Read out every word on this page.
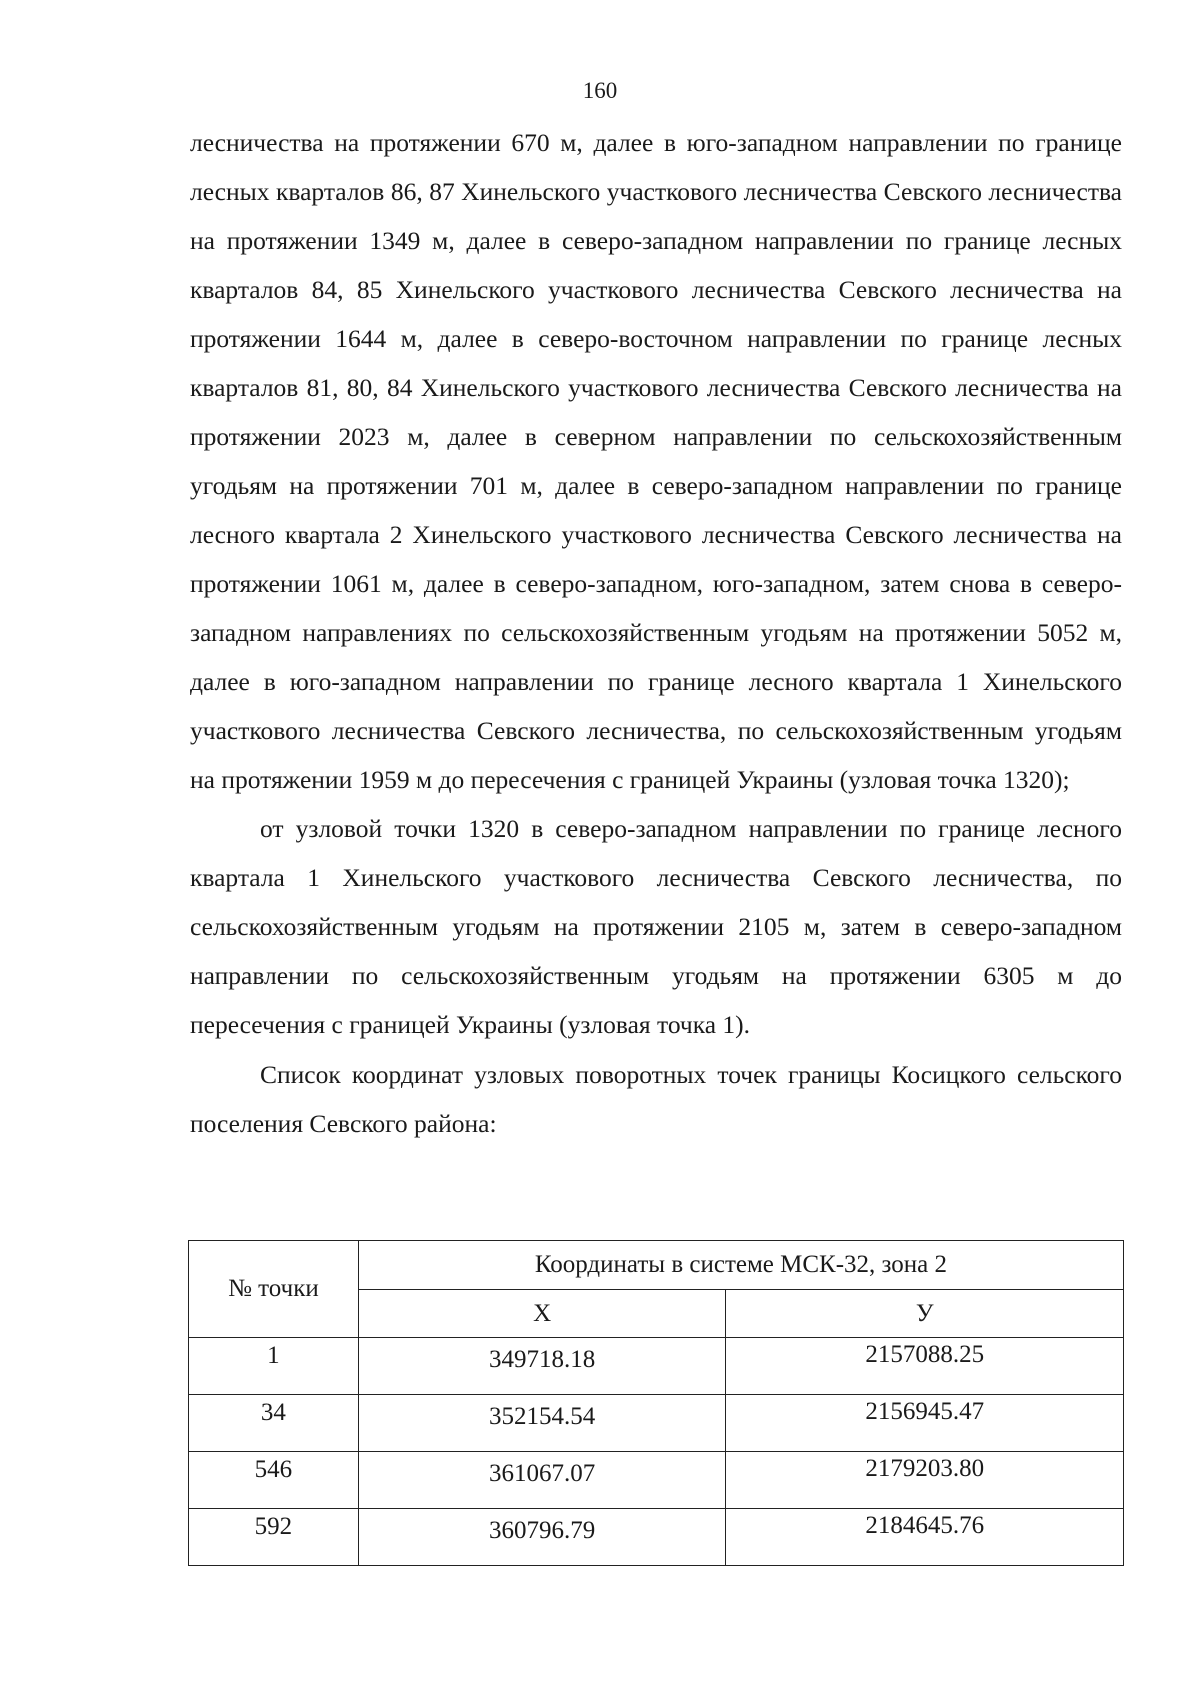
160

лесничества на протяжении 670 м, далее в юго-западном направлении по границе лесных кварталов 86, 87 Хинельского участкового лесничества Севского лесничества на протяжении 1349 м, далее в северо-западном направлении по границе лесных кварталов 84, 85 Хинельского участкового лесничества Севского лесничества на протяжении 1644 м, далее в северо-восточном направлении по границе лесных кварталов 81, 80, 84 Хинельского участкового лесничества Севского лесничества на протяжении 2023 м, далее в северном направлении по сельскохозяйственным угодьям на протяжении 701 м, далее в северо-западном направлении по границе лесного квартала 2 Хинельского участкового лесничества Севского лесничества на протяжении 1061 м, далее в северо-западном, юго-западном, затем снова в северо-западном направлениях по сельскохозяйственным угодьям на протяжении 5052 м, далее в юго-западном направлении по границе лесного квартала 1 Хинельского участкового лесничества Севского лесничества, по сельскохозяйственным угодьям на протяжении 1959 м до пересечения с границей Украины (узловая точка 1320);

от узловой точки 1320 в северо-западном направлении по границе лесного квартала 1 Хинельского участкового лесничества Севского лесничества, по сельскохозяйственным угодьям на протяжении 2105 м, затем в северо-западном направлении по сельскохозяйственным угодьям на протяжении 6305 м до пересечения с границей Украины (узловая точка 1).

Список координат узловых поворотных точек границы Косицкого сельского поселения Севского района:

№ точки	Координаты в системе МСК-32, зона 2	
	X	У
1	349718.18	2157088.25
34	352154.54	2156945.47
546	361067.07	2179203.80
592	360796.79	2184645.76
